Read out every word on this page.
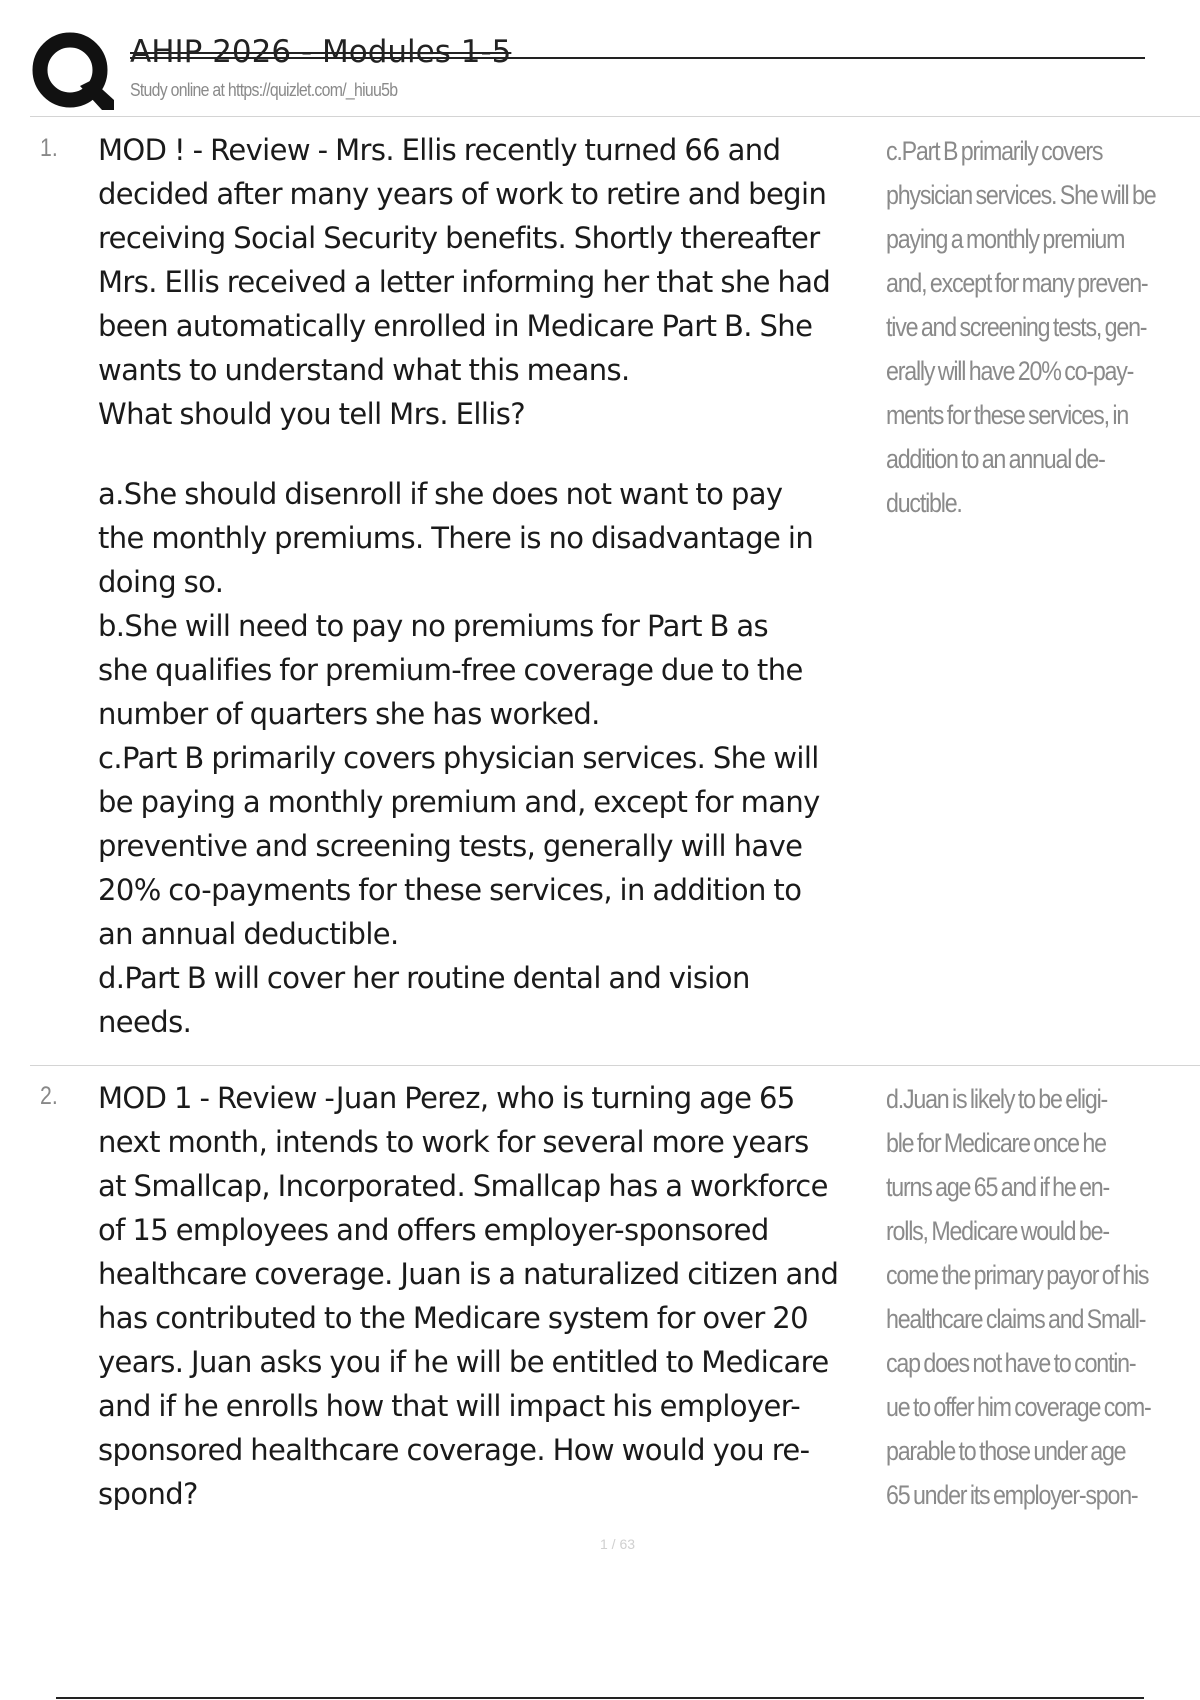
AHIP 2026 - Modules 1-5
Study online at https://quizlet.com/_hiuu5b
1. MOD ! - Review - Mrs. Ellis recently turned 66 and

decided after many years of work to retire and begin

receiving Social Security benefits. Shortly thereafter

Mrs. Ellis received a letter informing her that she had

been automatically enrolled in Medicare Part B. She

wants to understand what this means.

What should you tell Mrs. Ellis?

a.She should disenroll if she does not want to pay

the monthly premiums. There is no disadvantage in

doing so.

b.She will need to pay no premiums for Part B as

she qualifies for premium-free coverage due to the

number of quarters she has worked.

c.Part B primarily covers physician services. She will

be paying a monthly premium and, except for many

preventive and screening tests, generally will have

20% co-payments for these services, in addition to

an annual deductible.

d.Part B will cover her routine dental and vision

needs.

c.Part B primarily covers
physician services. She will be
paying a monthly premium
and, except for many preven-
tive and screening tests, gen-
erally will have 20% co-pay-
ments for these services, in
addition to an annual de-
ductible.
2. MOD 1 - Review -Juan Perez, who is turning age 65

next month, intends to work for several more years

at Smallcap, Incorporated. Smallcap has a workforce

of 15 employees and offers employer-sponsored

healthcare coverage. Juan is a naturalized citizen and

has contributed to the Medicare system for over 20

years. Juan asks you if he will be entitled to Medicare

and if he enrolls how that will impact his employer-

sponsored healthcare coverage. How would you re-

spond?

d.Juan is likely to be eligi-
ble for Medicare once he
turns age 65 and if he en-
rolls, Medicare would be-
come the primary payor of his
healthcare claims and Small-
cap does not have to contin-
ue to offer him coverage com-
parable to those under age
65 under its employer-spon-
1 / 63
